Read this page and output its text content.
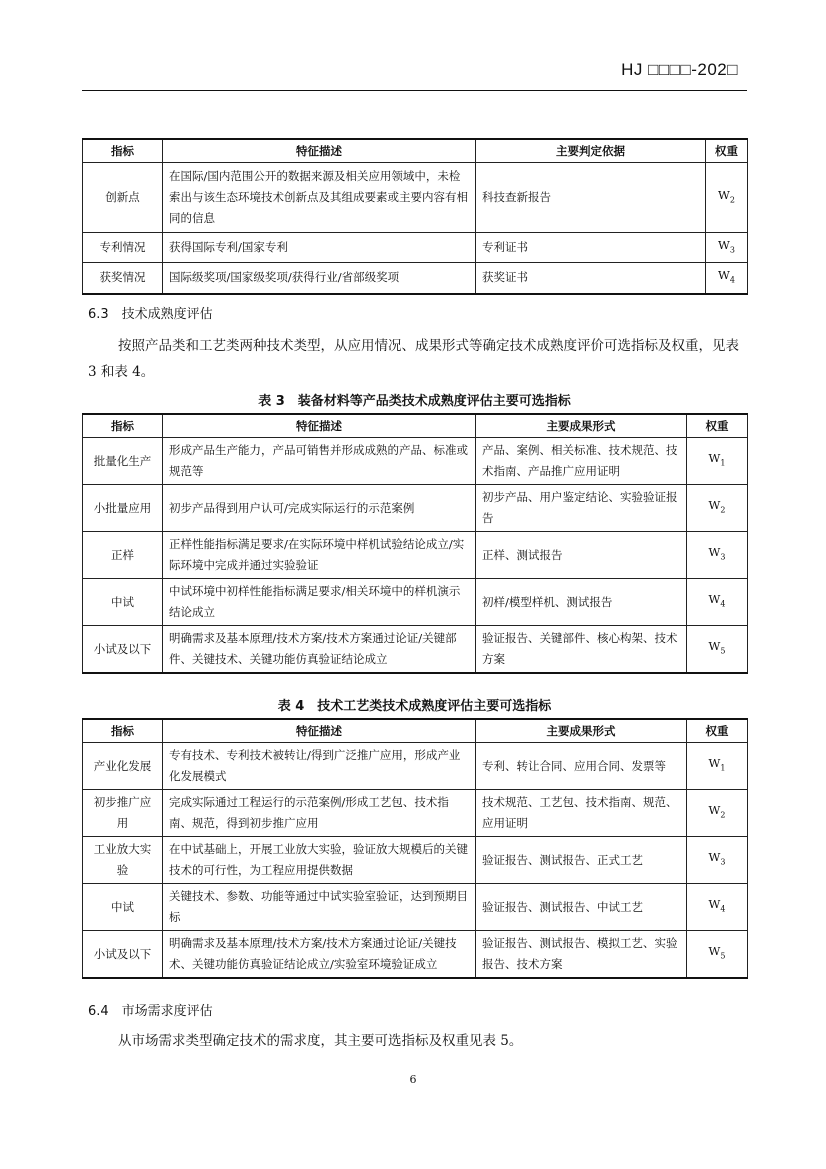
HJ □□□□-202□
指标	特征描述	主要判定依据	权重
创新点	在国际/国内范围公开的数据来源及相关应用领域中，未检索出与该生态环境技术创新点及其组成要素或主要内容有相同的信息	科技查新报告	$W_2$
专利情况	获得国际专利/国家专利	专利证书	$W_3$
获奖情况	国际级奖项/国家级奖项/获得行业/省部级奖项	获奖证书	$W_4$
6.3　技术成熟度评估
按照产品类和工艺类两种技术类型，从应用情况、成果形式等确定技术成熟度评价可选指标及权重，见表 3 和表 4。
表 3　装备材料等产品类技术成熟度评估主要可选指标
指标	特征描述	主要成果形式	权重
批量化生产	形成产品生产能力，产品可销售并形成成熟的产品、标准或规范等	产品、案例、相关标准、技术规范、技术指南、产品推广应用证明	$W_1$
小批量应用	初步产品得到用户认可/完成实际运行的示范案例	初步产品、用户鉴定结论、实验验证报告	$W_2$
正样	正样性能指标满足要求/在实际环境中样机试验结论成立/实际环境中完成并通过实验验证	正样、测试报告	$W_3$
中试	中试环境中初样性能指标满足要求/相关环境中的样机演示结论成立	初样/模型样机、测试报告	$W_4$
小试及以下	明确需求及基本原理/技术方案/技术方案通过论证/关键部件、关键技术、关键功能仿真验证结论成立	验证报告、关键部件、核心构架、技术方案	$W_5$
表 4　技术工艺类技术成熟度评估主要可选指标
指标	特征描述	主要成果形式	权重
产业化发展	专有技术、专利技术被转让/得到广泛推广应用，形成产业化发展模式	专利、转让合同、应用合同、发票等	$W_1$
初步推广应用	完成实际通过工程运行的示范案例/形成工艺包、技术指南、规范，得到初步推广应用	技术规范、工艺包、技术指南、规范、应用证明	$W_2$
工业放大实验	在中试基础上，开展工业放大实验，验证放大规模后的关键技术的可行性，为工程应用提供数据	验证报告、测试报告、正式工艺	$W_3$
中试	关键技术、参数、功能等通过中试实验室验证，达到预期目标	验证报告、测试报告、中试工艺	$W_4$
小试及以下	明确需求及基本原理/技术方案/技术方案通过论证/关键技术、关键功能仿真验证结论成立/实验室环境验证成立	验证报告、测试报告、模拟工艺、实验报告、技术方案	$W_5$
6.4　市场需求度评估
从市场需求类型确定技术的需求度，其主要可选指标及权重见表 5。
6
